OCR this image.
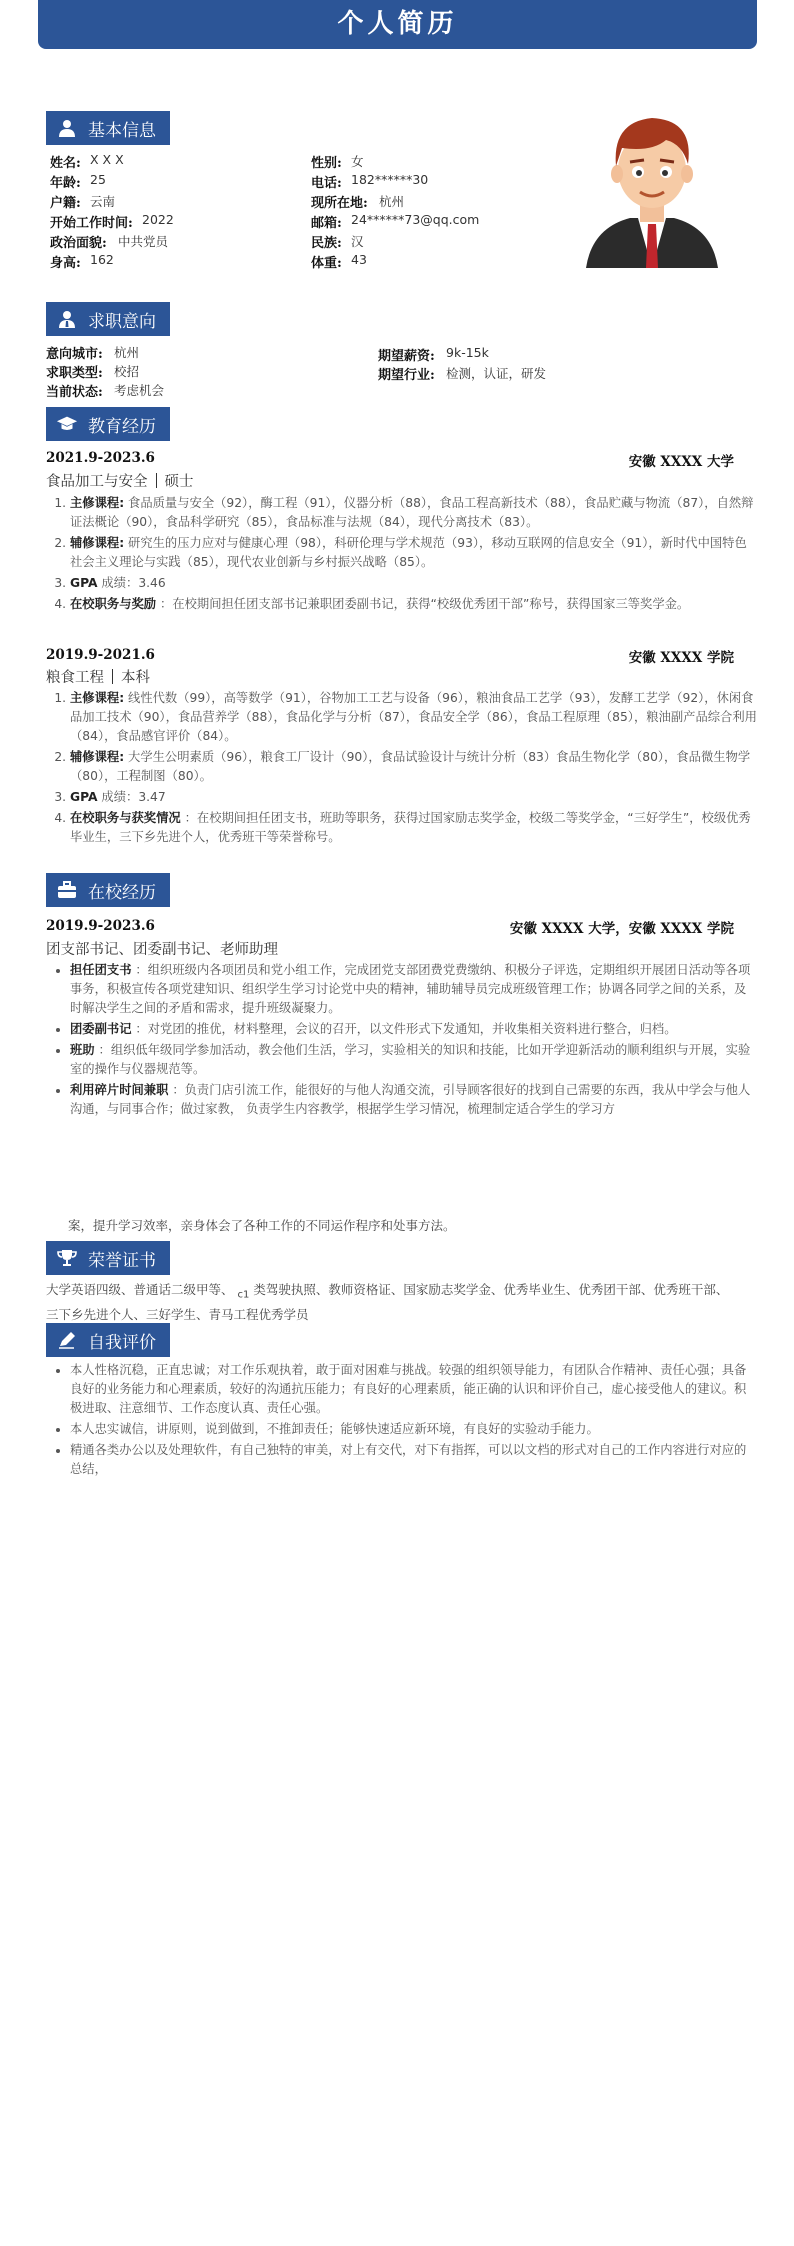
个人简历
基本信息
姓名: X X X
年龄: 25
户籍: 云南
开始工作时间: 2022
政治面貌: 中共党员
身高: 162
性别: 女
电话: 182******30
现所在地: 杭州
邮箱: 24******73@qq.com
民族: 汉
体重: 43
求职意向
意向城市: 杭州
求职类型: 校招
当前状态: 考虑机会
期望薪资: 9k-15k
期望行业: 检测，认证，研发
教育经历
2021.9-2023.6	安徽 XXXX 大学
食品加工与安全 硕士
1. 主修课程: 食品质量与安全（92），酶工程（91），仪器分析（88），食品工程高新技术（88），食品贮藏与物流（87），自然辩证法概论（90），食品科学研究（85），食品标准与法规（84），现代分离技术（83）。
2. 辅修课程: 研究生的压力应对与健康心理（98），科研伦理与学术规范（93），移动互联网的信息安全（91），新时代中国特色社会主义理论与实践（85），现代农业创新与乡村振兴战略（85）。
3. GPA 成绩：3.46
4. 在校职务与奖励 ：在校期间担任团支部书记兼职团委副书记，获得“校级优秀团干部”称号，获得国家三等奖学金。
2019.9-2021.6	安徽 XXXX 学院
粮食工程 本科
1. 主修课程: 线性代数（99），高等数学（91），谷物加工工艺与设备（96），粮油食品工艺学（93），发酵工艺学（92），休闲食品加工技术（90），食品营养学（88），食品化学与分析（87），食品安全学（86），食品工程原理（85），粮油副产品综合利用（84），食品感官评价（84）。
2. 辅修课程: 大学生公明素质（96），粮食工厂设计（90），食品试验设计与统计分析（83）食品生物化学（80），食品微生物学（80），工程制图（80）。
3. GPA 成绩：3.47
4. 在校职务与获奖情况 ：在校期间担任团支书，班助等职务，获得过国家励志奖学金，校级二等奖学金，“三好学生”，校级优秀毕业生，三下乡先进个人，优秀班干等荣誉称号。
在校经历
2019.9-2023.6	安徽 XXXX 大学，安徽 XXXX 学院
团支部书记、团委副书记、老师助理
• 担任团支书 ：组织班级内各项团员和党小组工作，完成团党支部团费党费缴纳、积极分子评选，定期组织开展团日活动等各项事务，积极宣传各项党建知识、组织学生学习讨论党中央的精神，辅助辅导员完成班级管理工作；协调各同学之间的关系，及时解决学生之间的矛盾和需求，提升班级凝聚力。
• 团委副书记 ：对党团的推优，材料整理，会议的召开，以文件形式下发通知，并收集相关资料进行整合，归档。
• 班助 ：组织低年级同学参加活动，教会他们生活，学习，实验相关的知识和技能，比如开学迎新活动的顺利组织与开展，实验室的操作与仪器规范等。
• 利用碎片时间兼职 ：负责门店引流工作，能很好的与他人沟通交流，引导顾客很好的找到自己需要的东西，我从中学会与他人沟通，与同事合作；做过家教， 负责学生内容教学，根据学生学习情况，梳理制定适合学生的学习方
案，提升学习效率，亲身体会了各种工作的不同运作程序和处事方法。
荣誉证书
大学英语四级、普通话二级甲等、 $_{c1}$ 类驾驶执照、教师资格证、国家励志奖学金、优秀毕业生、优秀团干部、优秀班干部、三下乡先进个人、三好学生、青马工程优秀学员
自我评价
• 本人性格沉稳，正直忠诚；对工作乐观执着，敢于面对困难与挑战。较强的组织领导能力，有团队合作精神、责任心强；具备良好的业务能力和心理素质，较好的沟通抗压能力；有良好的心理素质，能正确的认识和评价自己，虚心接受他人的建议。积极进取、注意细节、工作态度认真、责任心强。
• 本人忠实诚信，讲原则，说到做到，不推卸责任；能够快速适应新环境，有良好的实验动手能力。
• 精通各类办公以及处理软件，有自己独特的审美，对上有交代，对下有指挥，可以以文档的形式对自己的工作内容进行对应的总结，
